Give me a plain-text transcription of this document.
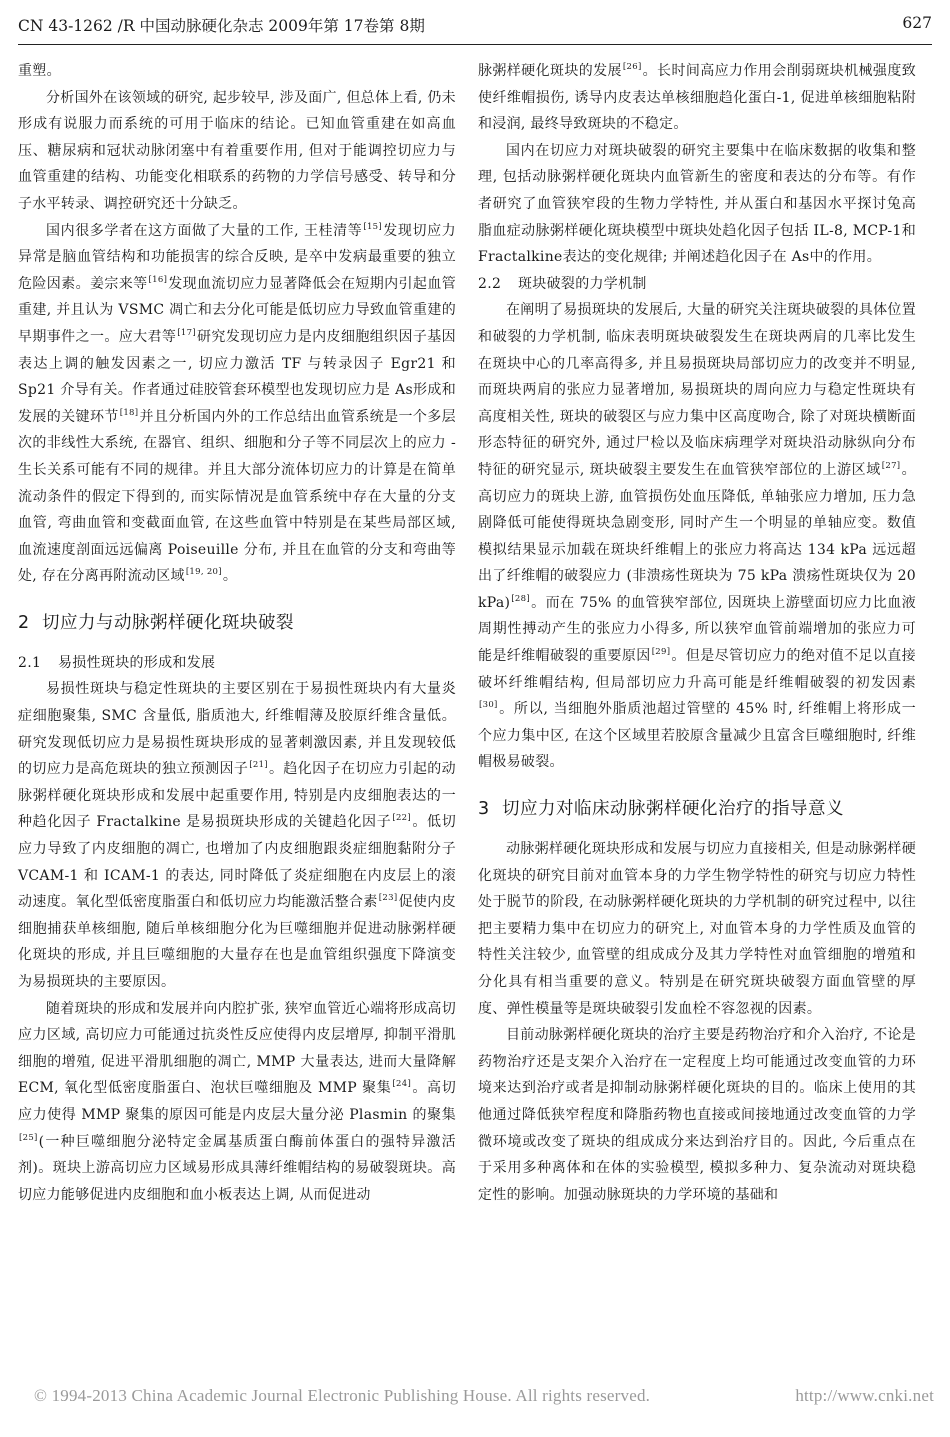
CN 43-1262 /R 中国动脉硬化杂志 2009年第 17卷第 8期	627

重塑。

分析国外在该领域的研究, 起步较早, 涉及面广, 但总体上看, 仍未形成有说服力而系统的可用于临床的结论。已知血管重建在如高血压、糖尿病和冠状动脉闭塞中有着重要作用, 但对于能调控切应力与血管重建的结构、功能变化相联系的药物的力学信号感受、转导和分子水平转录、调控研究还十分缺乏。

国内很多学者在这方面做了大量的工作, 王桂清等[15]发现切应力异常是脑血管结构和功能损害的综合反映, 是卒中发病最重要的独立危险因素。姜宗来等[16]发现血流切应力显著降低会在短期内引起血管重建, 并且认为 VSMC 凋亡和去分化可能是低切应力导致血管重建的早期事件之一。应大君等[17]研究发现切应力是内皮细胞组织因子基因表达上调的触发因素之一, 切应力激活 TF 与转录因子 Egr21 和 Sp21 介导有关。作者通过硅胶管套环模型也发现切应力是 As形成和发展的关键环节[18]并且分析国内外的工作总结出血管系统是一个多层次的非线性大系统, 在器官、组织、细胞和分子等不同层次上的应力 - 生长关系可能有不同的规律。并且大部分流体切应力的计算是在简单流动条件的假定下得到的, 而实际情况是血管系统中存在大量的分支血管, 弯曲血管和变截面血管, 在这些血管中特别是在某些局部区域, 血流速度剖面远远偏离 Poiseuille 分布, 并且在血管的分支和弯曲等处, 存在分离再附流动区域[19, 20]。

2 切应力与动脉粥样硬化斑块破裂
2.1 易损性斑块的形成和发展

易损性斑块与稳定性斑块的主要区别在于易损性斑块内有大量炎症细胞聚集, SMC 含量低, 脂质池大, 纤维帽薄及胶原纤维含量低。研究发现低切应力是易损性斑块形成的显著刺激因素, 并且发现较低的切应力是高危斑块的独立预测因子[21]。趋化因子在切应力引起的动脉粥样硬化斑块形成和发展中起重要作用, 特别是内皮细胞表达的一种趋化因子 Fractalkine 是易损斑块形成的关键趋化因子[22]。低切应力导致了内皮细胞的凋亡, 也增加了内皮细胞跟炎症细胞黏附分子 VCAM-1 和 ICAM-1 的表达, 同时降低了炎症细胞在内皮层上的滚动速度。氧化型低密度脂蛋白和低切应力均能激活整合素[23]促使内皮细胞捕获单核细胞, 随后单核细胞分化为巨噬细胞并促进动脉粥样硬化斑块的形成, 并且巨噬细胞的大量存在也是血管组织强度下降演变为易损斑块的主要原因。

随着斑块的形成和发展并向内腔扩张, 狭窄血管近心端将形成高切应力区域, 高切应力可能通过抗炎性反应使得内皮层增厚, 抑制平滑肌细胞的增殖, 促进平滑肌细胞的凋亡, MMP 大量表达, 进而大量降解 ECM, 氧化型低密度脂蛋白、泡状巨噬细胞及 MMP 聚集[24]。高切应力使得 MMP 聚集的原因可能是内皮层大量分泌 Plasmin 的聚集[25](一种巨噬细胞分泌特定金属基质蛋白酶前体蛋白的强特异激活剂)。斑块上游高切应力区域易形成具薄纤维帽结构的易破裂斑块。高切应力能够促进内皮细胞和血小板表达上调, 从而促进动

脉粥样硬化斑块的发展[26]。长时间高应力作用会削弱斑块机械强度致使纤维帽损伤, 诱导内皮表达单核细胞趋化蛋白-1, 促进单核细胞粘附和浸润, 最终导致斑块的不稳定。

国内在切应力对斑块破裂的研究主要集中在临床数据的收集和整理, 包括动脉粥样硬化斑块内血管新生的密度和表达的分布等。有作者研究了血管狭窄段的生物力学特性, 并从蛋白和基因水平探讨兔高脂血症动脉粥样硬化斑块模型中斑块处趋化因子包括 IL-8, MCP-1和 Fractalkine表达的变化规律; 并阐述趋化因子在 As中的作用。

2.2 斑块破裂的力学机制

在阐明了易损斑块的发展后, 大量的研究关注斑块破裂的具体位置和破裂的力学机制, 临床表明斑块破裂发生在斑块两肩的几率比发生在斑块中心的几率高得多, 并且易损斑块局部切应力的改变并不明显, 而斑块两肩的张应力显著增加, 易损斑块的周向应力与稳定性斑块有高度相关性, 斑块的破裂区与应力集中区高度吻合, 除了对斑块横断面形态特征的研究外, 通过尸检以及临床病理学对斑块沿动脉纵向分布特征的研究显示, 斑块破裂主要发生在血管狭窄部位的上游区域[27]。高切应力的斑块上游, 血管损伤处血压降低, 单轴张应力增加, 压力急剧降低可能使得斑块急剧变形, 同时产生一个明显的单轴应变。数值模拟结果显示加载在斑块纤维帽上的张应力将高达 134 kPa 远远超出了纤维帽的破裂应力 (非溃疡性斑块为 75 kPa 溃疡性斑块仅为 20 kPa)[28]。而在 75% 的血管狭窄部位, 因斑块上游壁面切应力比血液周期性搏动产生的张应力小得多, 所以狭窄血管前端增加的张应力可能是纤维帽破裂的重要原因[29]。但是尽管切应力的绝对值不足以直接破坏纤维帽结构, 但局部切应力升高可能是纤维帽破裂的初发因素[30]。所以, 当细胞外脂质池超过管壁的 45% 时, 纤维帽上将形成一个应力集中区, 在这个区域里若胶原含量减少且富含巨噬细胞时, 纤维帽极易破裂。

3 切应力对临床动脉粥样硬化治疗的指导意义

动脉粥样硬化斑块形成和发展与切应力直接相关, 但是动脉粥样硬化斑块的研究目前对血管本身的力学生物学特性的研究与切应力特性处于脱节的阶段, 在动脉粥样硬化斑块的力学机制的研究过程中, 以往把主要精力集中在切应力的研究上, 对血管本身的力学性质及血管的特性关注较少, 血管壁的组成成分及其力学特性对血管细胞的增殖和分化具有相当重要的意义。特别是在研究斑块破裂方面血管壁的厚度、弹性模量等是斑块破裂引发血栓不容忽视的因素。

目前动脉粥样硬化斑块的治疗主要是药物治疗和介入治疗, 不论是药物治疗还是支架介入治疗在一定程度上均可能通过改变血管的力环境来达到治疗或者是抑制动脉粥样硬化斑块的目的。临床上使用的其他通过降低狭窄程度和降脂药物也直接或间接地通过改变血管的力学微环境或改变了斑块的组成成分来达到治疗目的。因此, 今后重点在于采用多种离体和在体的实验模型, 模拟多种力、复杂流动对斑块稳定性的影响。加强动脉斑块的力学环境的基础和

© 1994-2013 China Academic Journal Electronic Publishing House. All rights reserved.	http://www.cnki.net
